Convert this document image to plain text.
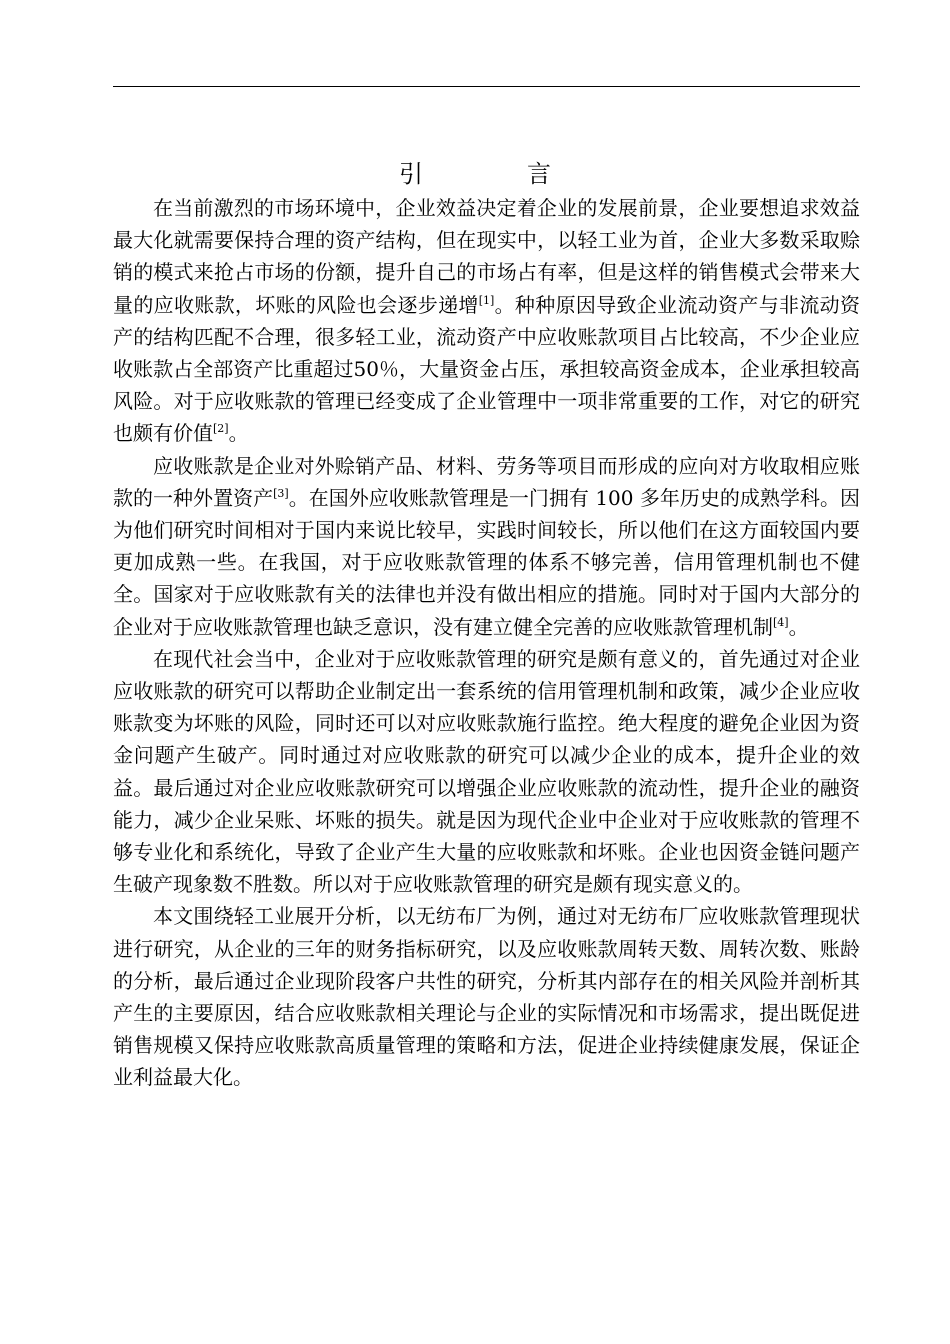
引　言

在当前激烈的市场环境中，企业效益决定着企业的发展前景，企业要想追求效益最大化就需要保持合理的资产结构，但在现实中，以轻工业为首，企业大多数采取赊销的模式来抢占市场的份额，提升自己的市场占有率，但是这样的销售模式会带来大量的应收账款，坏账的风险也会逐步递增[1]。种种原因导致企业流动资产与非流动资产的结构匹配不合理，很多轻工业，流动资产中应收账款项目占比较高，不少企业应收账款占全部资产比重超过50％，大量资金占压，承担较高资金成本，企业承担较高风险。对于应收账款的管理已经变成了企业管理中一项非常重要的工作，对它的研究也颇有价值[2]。

应收账款是企业对外赊销产品、材料、劳务等项目而形成的应向对方收取相应账款的一种外置资产[3]。在国外应收账款管理是一门拥有 100 多年历史的成熟学科。因为他们研究时间相对于国内来说比较早，实践时间较长，所以他们在这方面较国内要更加成熟一些。在我国，对于应收账款管理的体系不够完善，信用管理机制也不健全。国家对于应收账款有关的法律也并没有做出相应的措施。同时对于国内大部分的企业对于应收账款管理也缺乏意识，没有建立健全完善的应收账款管理机制[4]。

在现代社会当中，企业对于应收账款管理的研究是颇有意义的，首先通过对企业应收账款的研究可以帮助企业制定出一套系统的信用管理机制和政策，减少企业应收账款变为坏账的风险，同时还可以对应收账款施行监控。绝大程度的避免企业因为资金问题产生破产。同时通过对应收账款的研究可以减少企业的成本，提升企业的效益。最后通过对企业应收账款研究可以增强企业应收账款的流动性，提升企业的融资能力，减少企业呆账、坏账的损失。就是因为现代企业中企业对于应收账款的管理不够专业化和系统化，导致了企业产生大量的应收账款和坏账。企业也因资金链问题产生破产现象数不胜数。所以对于应收账款管理的研究是颇有现实意义的。

本文围绕轻工业展开分析，以无纺布厂为例，通过对无纺布厂应收账款管理现状进行研究，从企业的三年的财务指标研究，以及应收账款周转天数、周转次数、账龄的分析，最后通过企业现阶段客户共性的研究，分析其内部存在的相关风险并剖析其产生的主要原因，结合应收账款相关理论与企业的实际情况和市场需求，提出既促进销售规模又保持应收账款高质量管理的策略和方法，促进企业持续健康发展，保证企业利益最大化。
